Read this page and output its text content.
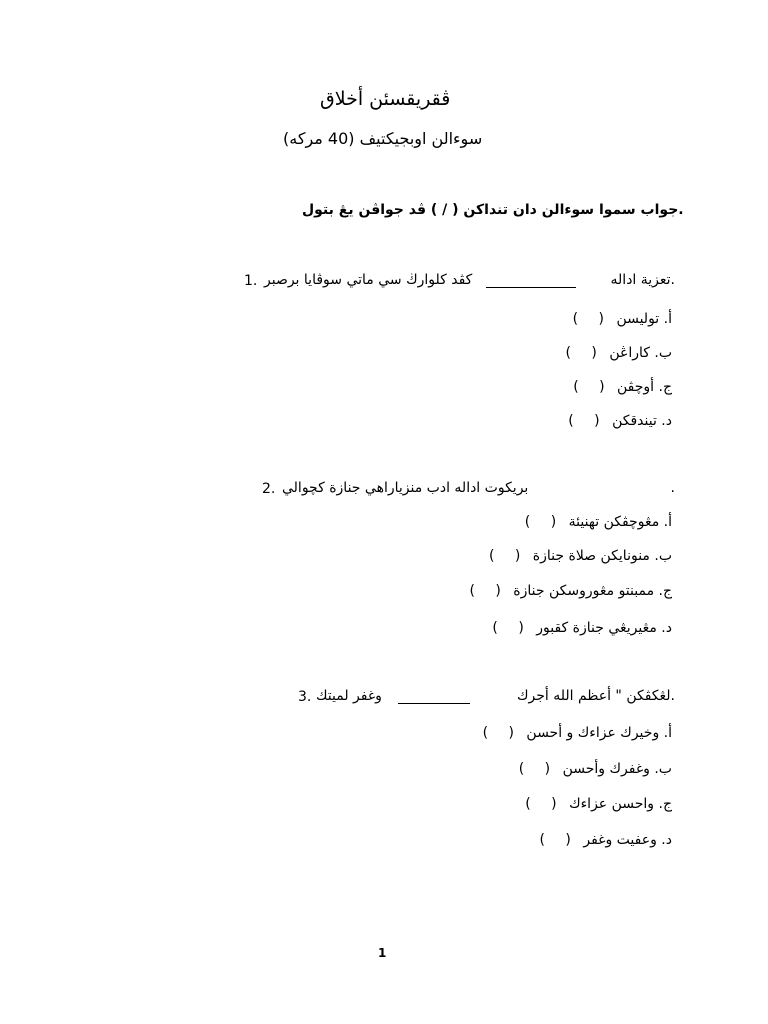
ڤقريقسئن أخلاق
سوءالن اوبجيكتيف (40 مركه)
.جواب سموا سوءالن دان تنداكن ( / ) ڤد جواڤن يڠ بتول
.تعزية اداله
كڤد كلوارڬ سي ماتي سوڤايا برصبر
1.
أ. توليسن ( )
ب. كاراڠن ( )
ج. أوچڤن ( )
د. تيندقكن ( )
.
بريكوت اداله ادب منزياراهي جنازة كچوالي
2.
أ. مڠوچڤكن تهنيئة ( )
ب. منونايكن صلاة جنازة ( )
ج. ممبنتو مڠوروسكن جنازة ( )
د. مڠيريڠي جنازة كقبور ( )
.لڠكڤكن " أعظم الله أجرك
وغفر لميتك
3.
أ. وخيرك عزاءك و أحسن ( )
ب. وغفرك وأحسن ( )
ج. واحسن عزاءك ( )
د. وعفيت وغفر ( )
1
